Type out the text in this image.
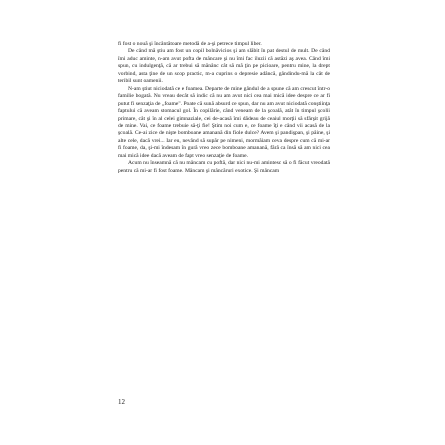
fi fost o nouă şi încântătoare metodă de a-şi petrece timpul liber.

De când mă ştiu am fost un copil bolnăvicios şi am slăbit în pat destul de mult. De când îmi aduc aminte, n-am avut pofta de mâncare şi nu îmi fac iluzii că astăzi aş avea. Când îmi spun, cu indulgenţă, că ar trebui să mănânc cât să mă ţin pe picioare, pentru mine, la drept vorbind, asta ţine de un scop practic, m-a cuprins o depresie adâncă, gândindu-mă la cât de teribil sunt oamenii.

N-am ştiut niciodată ce e foamea. Departe de mine gândul de a spune că am crescut într-o familie bogată. Nu vreau decât să indic că nu am avut nici cea mai mică idee despre ce ar fi putut fi senzaţia de „foame". Poate că sună absurd ce spun, dar nu am avut niciodată conştiinţa faptului că aveam stomacul gol. În copilărie, când veneam de la şcoală, atât în timpul şcolii primare, cât şi în al celei gimnaziale, cei de-acasă îmi dădeau de ceaiul morţii să sfârşit grijă de mine. Vai, ce foame trebuie să-ţi fie! Ştim noi cum e, ce foame îţi e când vii acasă de la şcoală. Ce-ai zice de nişte bomboane amanană din fiole dulce? Avem şi pandişpan, şi pâine, şi alte cele, dacă vrei... Iar eu, nevând să supăr pe nimeni, mormăiam ceva despre cum că mi-ar fi foame, da, şi-mi îndesam în gură vreo zece bomboane amanană, fără ca însă să am nici cea mai mică idee dacă aveam de fapt vreo senzaţie de foame.

Acum nu înseamnă că nu mâncam cu poftă, dar nici nu-mi amintesc să o fi făcut vreodată pentru că mi-ar fi fost foame. Mâncam şi mâncăruri exotice. Şi mâncam

12
